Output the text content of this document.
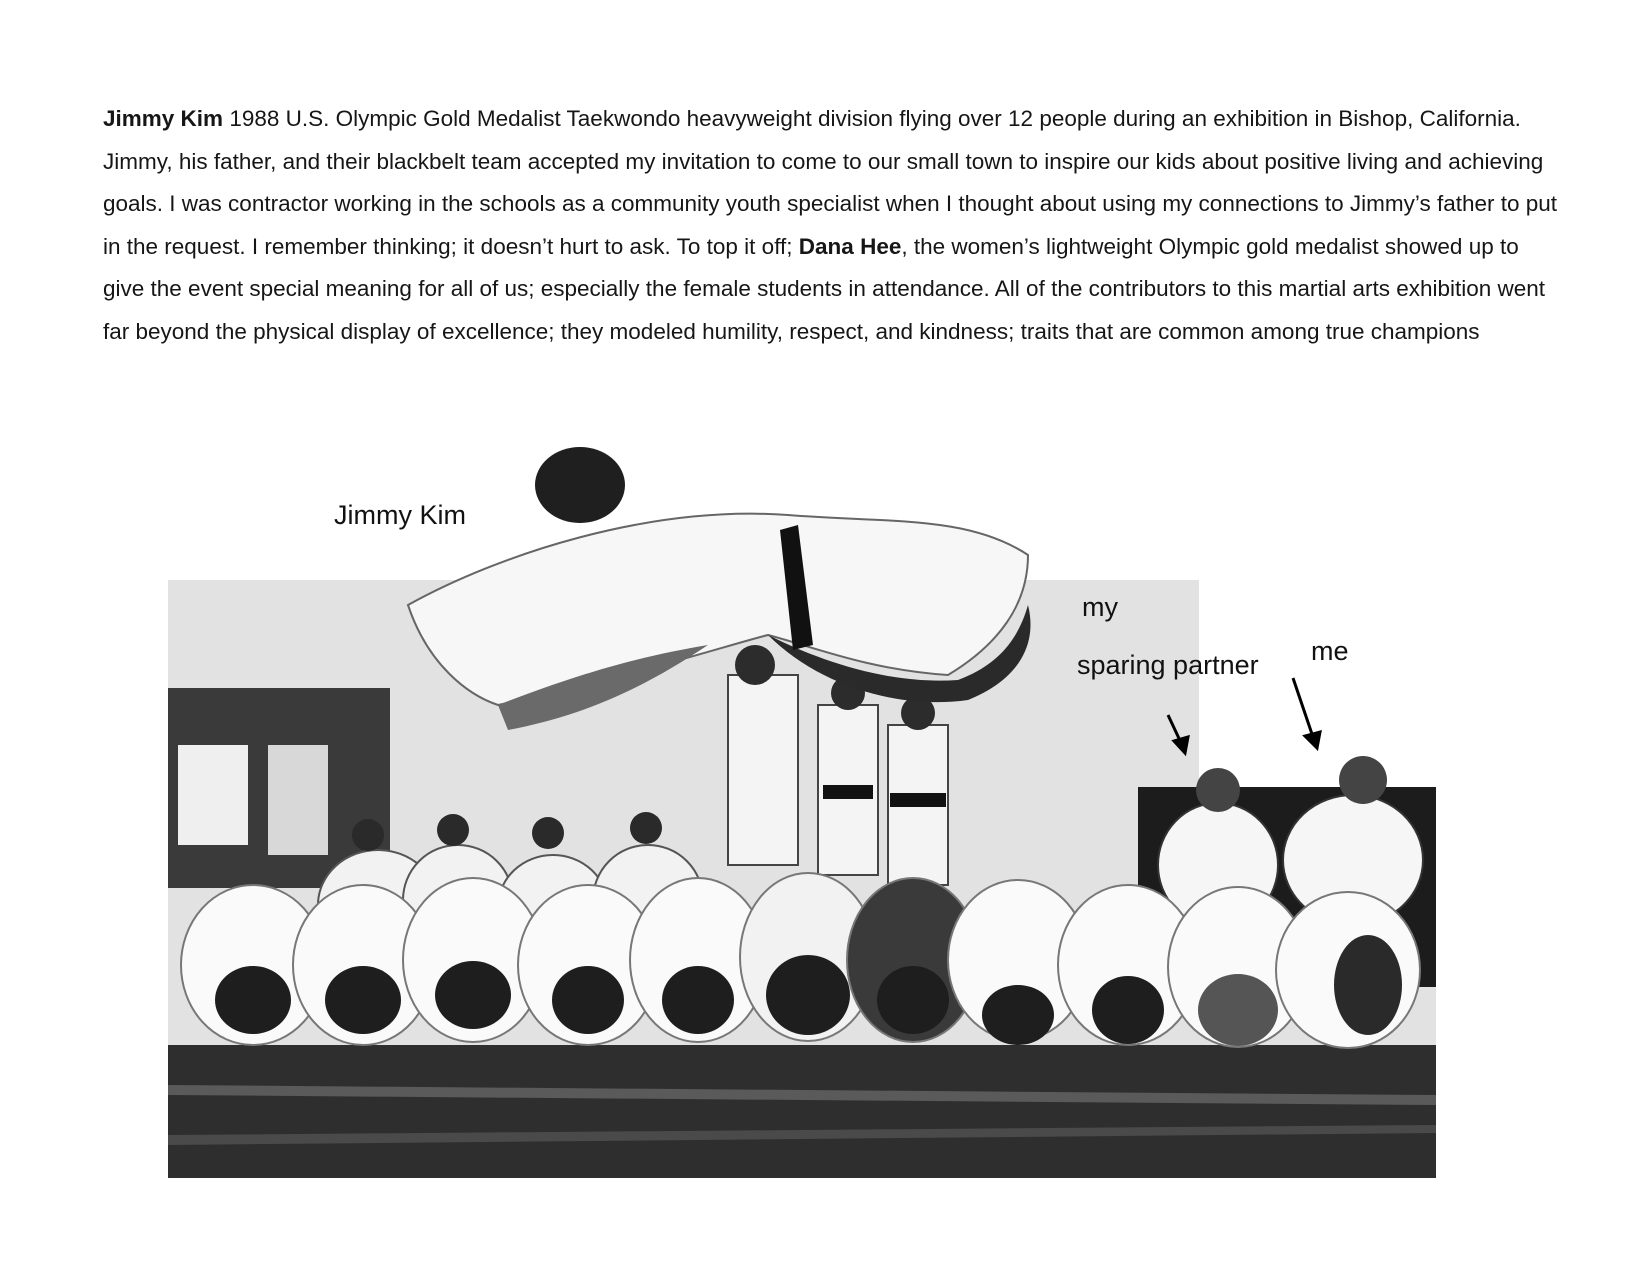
Jimmy Kim 1988 U.S. Olympic Gold Medalist Taekwondo heavyweight division flying over 12 people during an exhibition in Bishop, California. Jimmy, his father, and their blackbelt team accepted my invitation to come to our small town to inspire our kids about positive living and achieving goals. I was contractor working in the schools as a community youth specialist when I thought about using my connections to Jimmy’s father to put in the request. I remember thinking; it doesn’t hurt to ask. To top it off; Dana Hee, the women’s lightweight Olympic gold medalist showed up to give the event special meaning for all of us; especially the female students in attendance. All of the contributors to this martial arts exhibition went far beyond the physical display of excellence; they modeled humility, respect, and kindness; traits that are common among true champions
Jimmy Kim
my
sparing partner me
